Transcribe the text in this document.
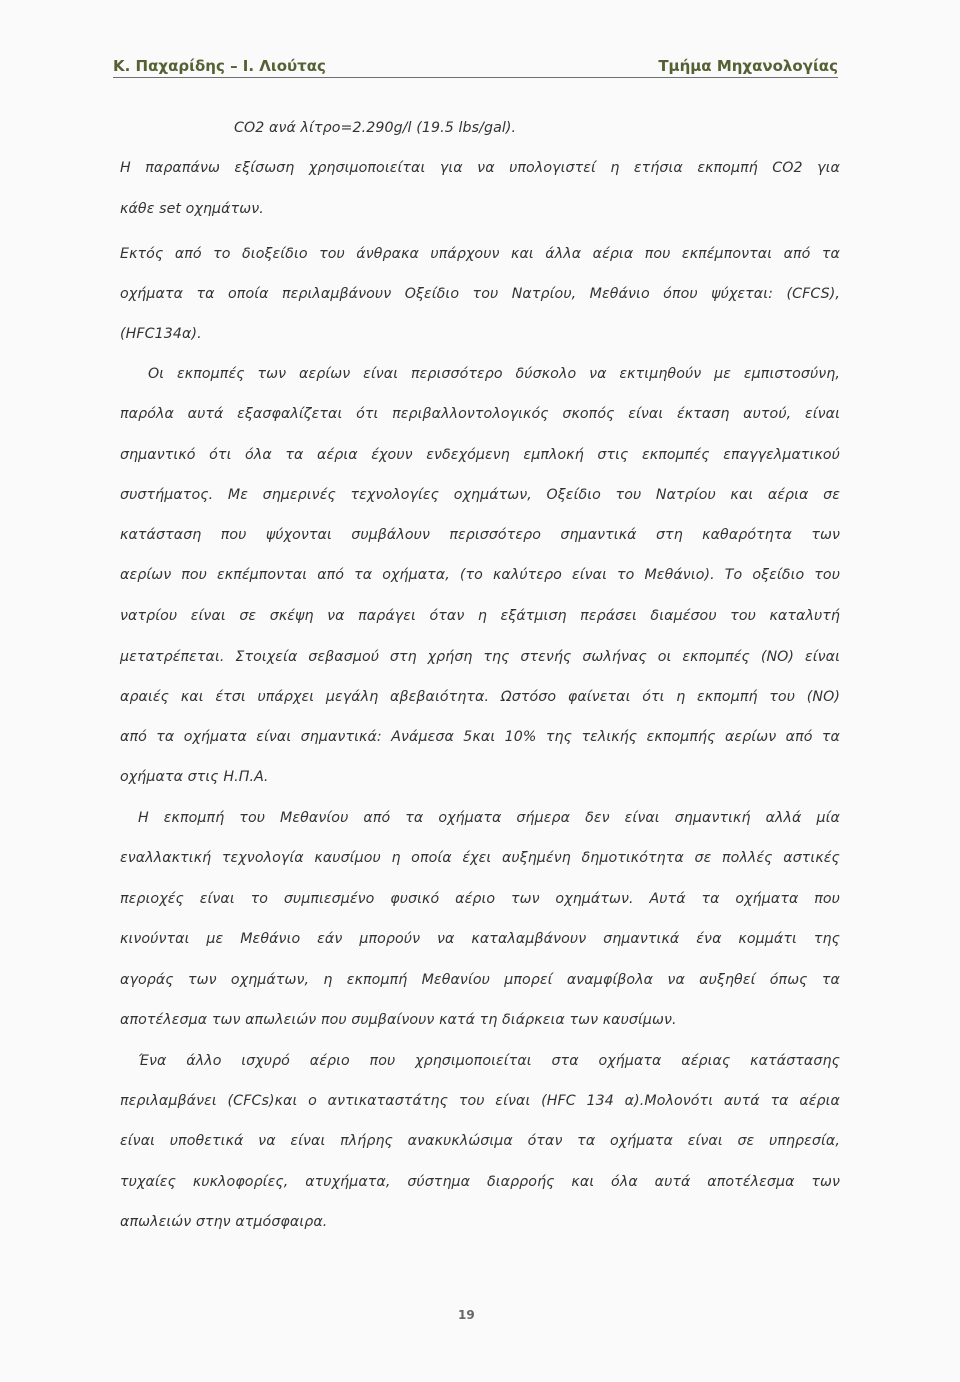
Κ. Παχαρίδης – Ι. Λιούτας	Τμήμα Μηχανολογίας
CO2 ανά λίτρο=2.290g/l (19.5 lbs/gal).
Η παραπάνω εξίσωση χρησιμοποιείται για να υπολογιστεί η ετήσια εκπομπή CO2 για
κάθε set οχημάτων.
Εκτός από το διοξείδιο του άνθρακα υπάρχουν και άλλα αέρια που εκπέμπονται από τα
οχήματα τα οποία περιλαμβάνουν Οξείδιο του Νατρίου, Μεθάνιο όπου ψύχεται: (CFCS),
(HFC134α).
Οι εκπομπές των αερίων είναι περισσότερο δύσκολο να εκτιμηθούν με εμπιστοσύνη,
παρόλα αυτά εξασφαλίζεται ότι περιβαλλοντολογικός σκοπός είναι έκταση αυτού, είναι
σημαντικό ότι όλα τα αέρια έχουν ενδεχόμενη εμπλοκή στις εκπομπές επαγγελματικού
συστήματος. Με σημερινές τεχνολογίες οχημάτων, Οξείδιο του Νατρίου και αέρια σε
κατάσταση που ψύχονται συμβάλουν περισσότερο σημαντικά στη καθαρότητα των
αερίων που εκπέμπονται από τα οχήματα, (το καλύτερο είναι το Μεθάνιο). Το οξείδιο του
νατρίου είναι σε σκέψη να παράγει όταν η εξάτμιση περάσει διαμέσου του καταλυτή
μετατρέπεται. Στοιχεία σεβασμού στη χρήση της στενής σωλήνας οι εκπομπές (NO) είναι
αραιές και έτσι υπάρχει μεγάλη αβεβαιότητα. Ωστόσο φαίνεται ότι η εκπομπή του (NO)
από τα οχήματα είναι σημαντικά: Ανάμεσα 5και 10% της τελικής εκπομπής αερίων από τα
οχήματα στις Η.Π.Α.
Η εκπομπή του Μεθανίου από τα οχήματα σήμερα δεν είναι σημαντική αλλά μία
εναλλακτική τεχνολογία καυσίμου η οποία έχει αυξημένη δημοτικότητα σε πολλές αστικές
περιοχές είναι το συμπιεσμένο φυσικό αέριο των οχημάτων. Αυτά τα οχήματα που
κινούνται με Μεθάνιο εάν μπορούν να καταλαμβάνουν σημαντικά ένα κομμάτι της
αγοράς των οχημάτων, η εκπομπή Μεθανίου μπορεί αναμφίβολα να αυξηθεί όπως τα
αποτέλεσμα των απωλειών που συμβαίνουν κατά τη διάρκεια των καυσίμων.
Ένα άλλο ισχυρό αέριο που χρησιμοποιείται στα οχήματα αέριας κατάστασης
περιλαμβάνει (CFCs)και ο αντικαταστάτης του είναι (HFC 134 α).Μολονότι αυτά τα αέρια
είναι υποθετικά να είναι πλήρης ανακυκλώσιμα όταν τα οχήματα είναι σε υπηρεσία,
τυχαίες κυκλοφορίες, ατυχήματα, σύστημα διαρροής και όλα αυτά αποτέλεσμα των
απωλειών στην ατμόσφαιρα.
19
